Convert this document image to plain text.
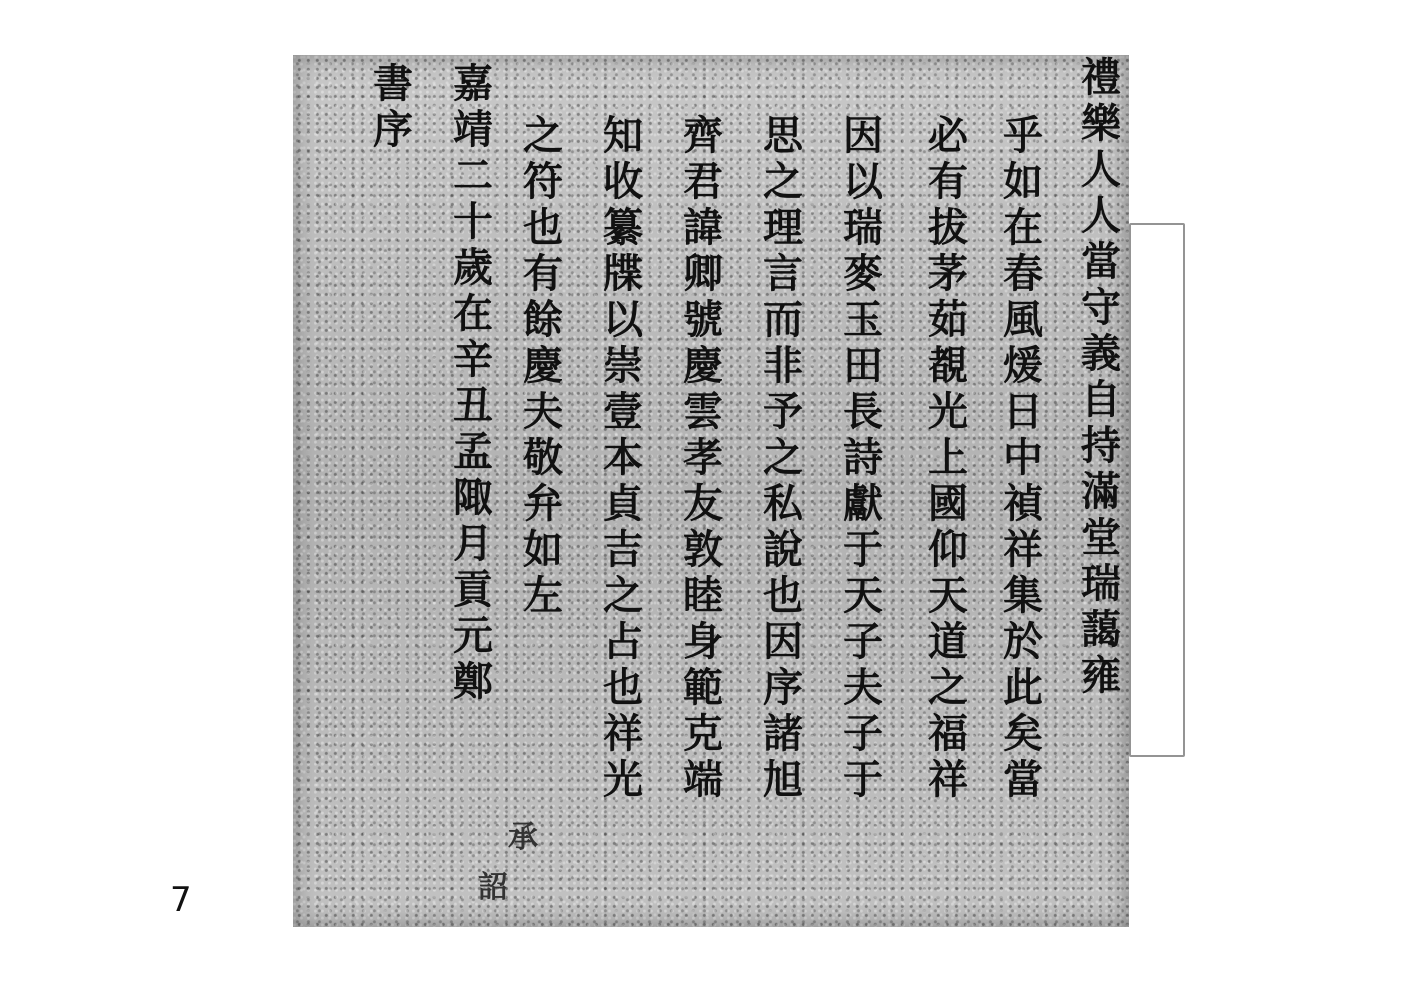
禮
樂
人
人
當
守
義
自
持
滿
堂
瑞
藹
雍
乎
如
在
春
風
煖
日
中
禎
祥
集
於
此
矣
當
必
有
拔
茅
茹
覩
光
上
國
仰
天
道
之
福
祥
因
以
瑞
麥
玉
田
長
詩
獻
于
天
子
夫
子
于
思
之
理
言
而
非
予
之
私
說
也
因
序
諸
旭
齊
君
諱
卿
號
慶
雲
孝
友
敦
睦
身
範
克
端
知
收
纂
牒
以
崇
壹
本
貞
吉
之
占
也
祥
光
之
符
也
有
餘
慶
夫
敬
弁
如
左
嘉
靖
二
十
歲
在
辛
丑
孟
陬
月
貢
元
鄭
書
序
承
詔
7
